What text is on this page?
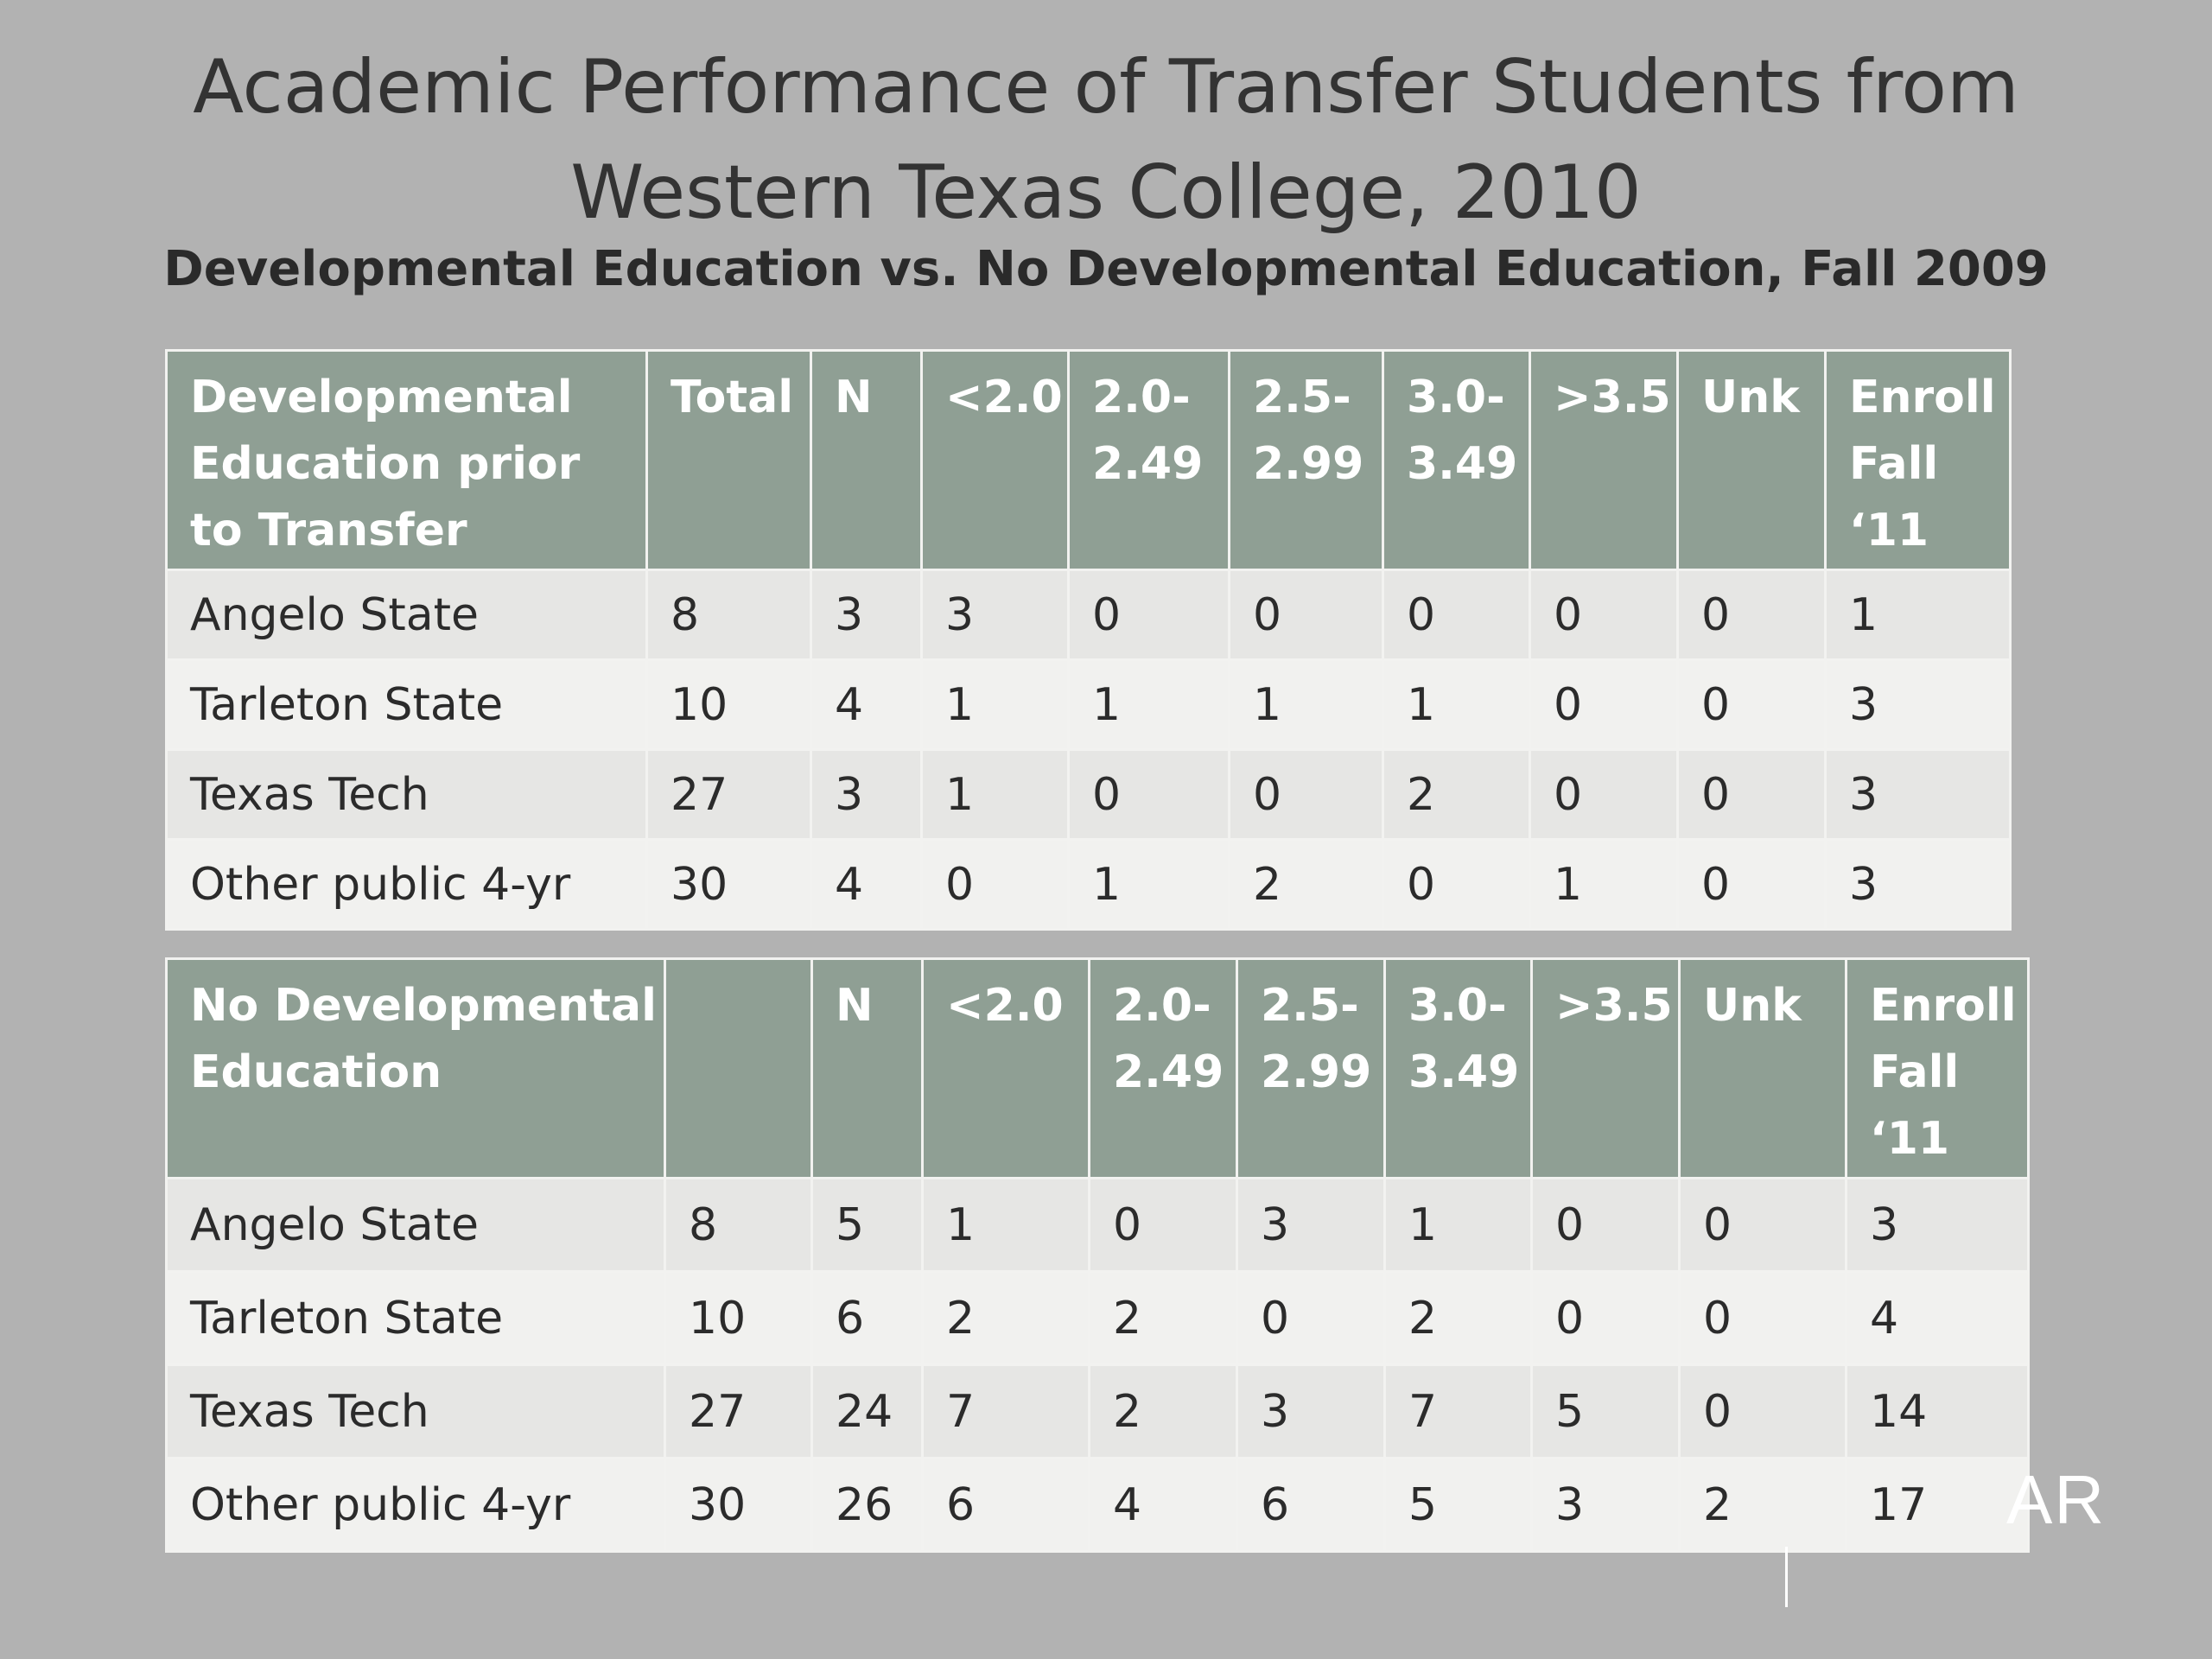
Academic Performance of Transfer Students from
Western Texas College, 2010
Developmental Education vs. No Developmental Education, Fall 2009
Developmental Education prior to Transfer	Total	N	<2.0	2.0-2.49	2.5-2.99	3.0-3.49	>3.5	Unk	Enroll Fall ‘11
Angelo State	8	3	3	0	0	0	0	0	1
Tarleton State	10	4	1	1	1	1	0	0	3
Texas Tech	27	3	1	0	0	2	0	0	3
Other public 4-yr	30	4	0	1	2	0	1	0	3
No Developmental Education		N	<2.0	2.0-2.49	2.5-2.99	3.0-3.49	>3.5	Unk	Enroll Fall ‘11
Angelo State	8	5	1	0	3	1	0	0	3
Tarleton State	10	6	2	2	0	2	0	0	4
Texas Tech	27	24	7	2	3	7	5	0	14
Other public 4-yr	30	26	6	4	6	5	3	2	17 AR
